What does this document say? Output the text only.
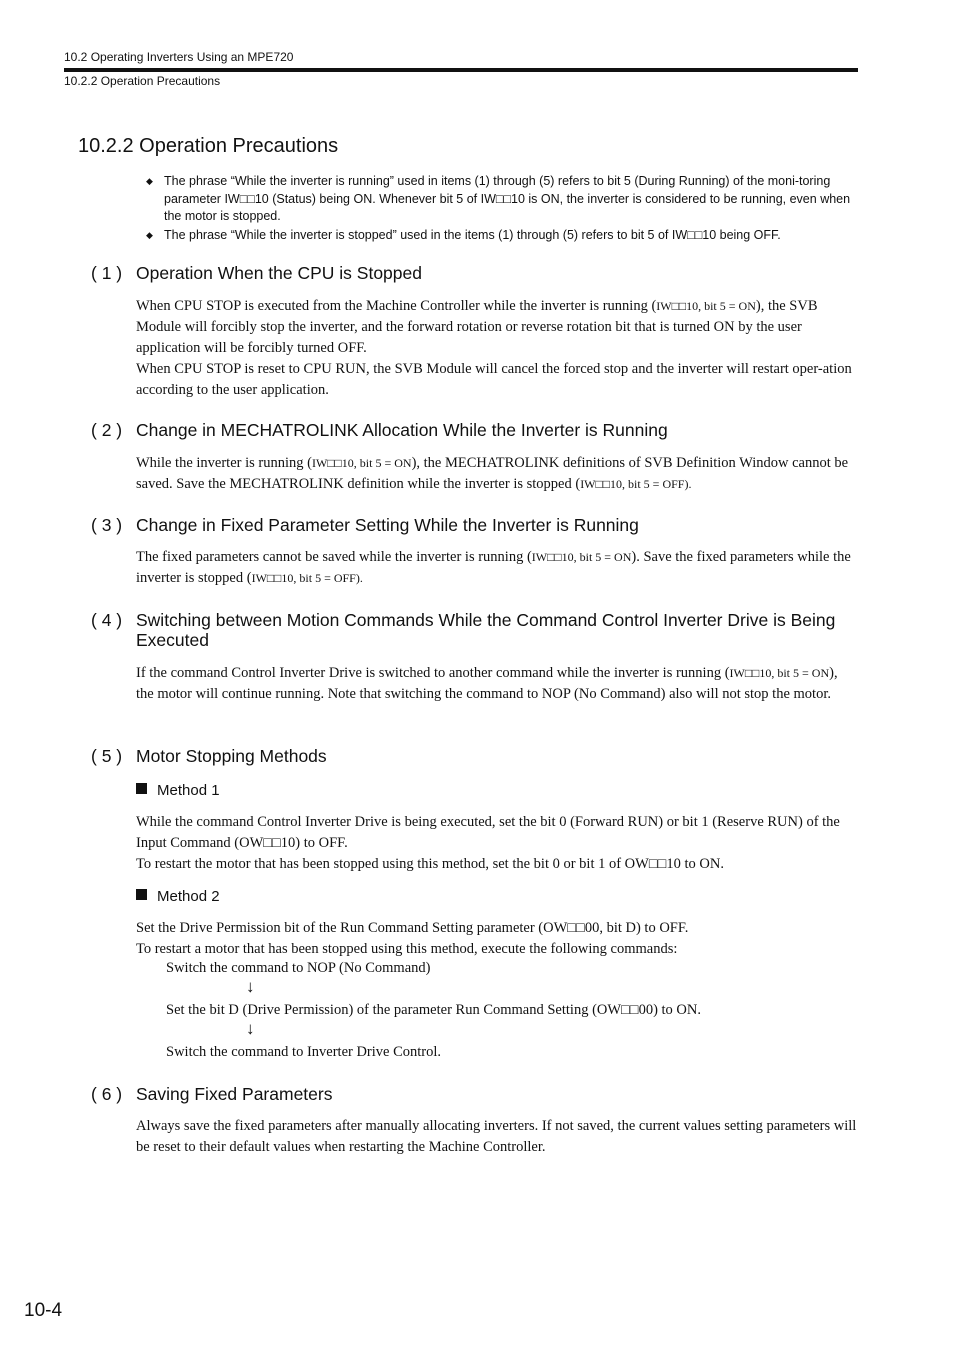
10.2 Operating Inverters Using an MPE720
10.2.2 Operation Precautions
10.2.2 Operation Precautions
◆ The phrase “While the inverter is running” used in items (1) through (5) refers to bit 5 (During Running) of the moni-toring parameter IW□□10 (Status) being ON. Whenever bit 5 of IW□□10 is ON, the inverter is considered to be running, even when the motor is stopped.
◆ The phrase “While the inverter is stopped” used in the items (1) through (5) refers to bit 5 of IW□□10 being OFF.
( 1 ) Operation When the CPU is Stopped
When CPU STOP is executed from the Machine Controller while the inverter is running (IW□□10, bit 5 = ON), the SVB Module will forcibly stop the inverter, and the forward rotation or reverse rotation bit that is turned ON by the user application will be forcibly turned OFF.
When CPU STOP is reset to CPU RUN, the SVB Module will cancel the forced stop and the inverter will restart oper-ation according to the user application.
( 2 ) Change in MECHATROLINK Allocation While the Inverter is Running
While the inverter is running (IW□□10, bit 5 = ON), the MECHATROLINK definitions of SVB Definition Window cannot be saved. Save the MECHATROLINK definition while the inverter is stopped (IW□□10, bit 5 = OFF).
( 3 ) Change in Fixed Parameter Setting While the Inverter is Running
The fixed parameters cannot be saved while the inverter is running (IW□□10, bit 5 = ON). Save the fixed parameters while the inverter is stopped (IW□□10, bit 5 = OFF).
( 4 ) Switching between Motion Commands While the Command Control Inverter Drive is Being Executed
If the command Control Inverter Drive is switched to another command while the inverter is running (IW□□10, bit 5 = ON), the motor will continue running. Note that switching the command to NOP (No Command) also will not stop the motor.
( 5 ) Motor Stopping Methods
Method 1
While the command Control Inverter Drive is being executed, set the bit 0 (Forward RUN) or bit 1 (Reserve RUN) of the Input Command (OW□□10) to OFF.
To restart the motor that has been stopped using this method, set the bit 0 or bit 1 of OW□□10 to ON.
Method 2
Set the Drive Permission bit of the Run Command Setting parameter (OW□□00, bit D) to OFF.
To restart a motor that has been stopped using this method, execute the following commands:
Switch the command to NOP (No Command)
↓
Set the bit D (Drive Permission) of the parameter Run Command Setting (OW□□00) to ON.
↓
Switch the command to Inverter Drive Control.
( 6 ) Saving Fixed Parameters
Always save the fixed parameters after manually allocating inverters. If not saved, the current values setting parameters will be reset to their default values when restarting the Machine Controller.
10-4
